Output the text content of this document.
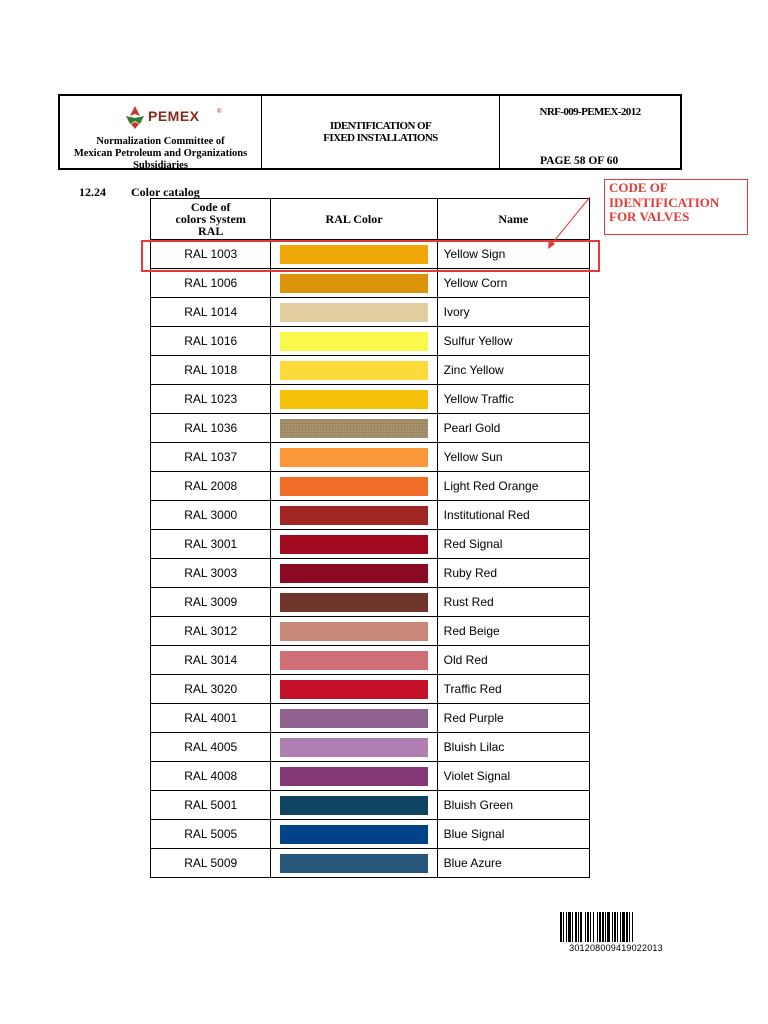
PEMEX	®
Normalization Committee of
Mexican Petroleum and Organizations
Subsidiaries
IDENTIFICATION OF
FIXED INSTALLATIONS
NRF-009-PEMEX-2012
PAGE 58 OF 60
12.24 Color catalog
Code of
colors System
RAL	RAL Color	Name
RAL 1003		Yellow Sign
RAL 1006		Yellow Corn
RAL 1014		Ivory
RAL 1016		Sulfur Yellow
RAL 1018		Zinc Yellow
RAL 1023		Yellow Traffic
RAL 1036		Pearl Gold
RAL 1037		Yellow Sun
RAL 2008		Light Red Orange
RAL 3000		Institutional Red
RAL 3001		Red Signal
RAL 3003		Ruby Red
RAL 3009		Rust Red
RAL 3012		Red Beige
RAL 3014		Old Red
RAL 3020		Traffic Red
RAL 4001		Red Purple
RAL 4005		Bluish Lilac
RAL 4008		Violet Signal
RAL 5001		Bluish Green
RAL 5005		Blue Signal
RAL 5009		Blue Azure
CODE OF
IDENTIFICATION
FOR VALVES
30120800941902201​3
